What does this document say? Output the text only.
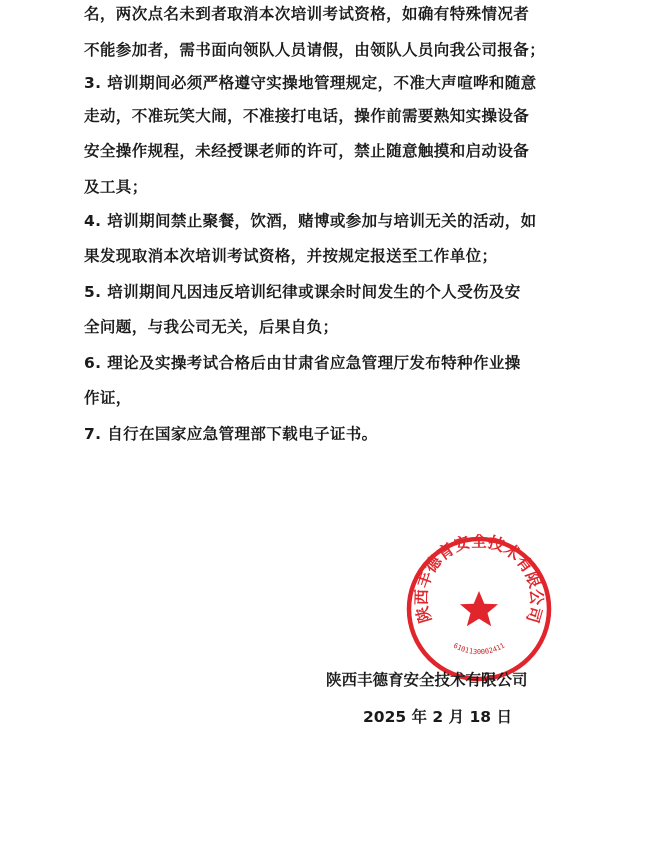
名，两次点名未到者取消本次培训考试资格，如确有特殊情况者
不能参加者，需书面向领队人员请假，由领队人员向我公司报备；
3. 培训期间必须严格遵守实操地管理规定，不准大声喧哗和随意
走动，不准玩笑大闹，不准接打电话，操作前需要熟知实操设备
安全操作规程，未经授课老师的许可，禁止随意触摸和启动设备
及工具；
4. 培训期间禁止聚餐，饮酒，赌博或参加与培训无关的活动，如
果发现取消本次培训考试资格，并按规定报送至工作单位；
5. 培训期间凡因违反培训纪律或课余时间发生的个人受伤及安
全问题，与我公司无关，后果自负；
6. 理论及实操考试合格后由甘肃省应急管理厅发布特种作业操
作证，
7. 自行在国家应急管理部下载电子证书。
陕西丰德育安全技术有限公司
6101130002411
陕西丰德育安全技术有限公司
2025 年 2 月 18 日
